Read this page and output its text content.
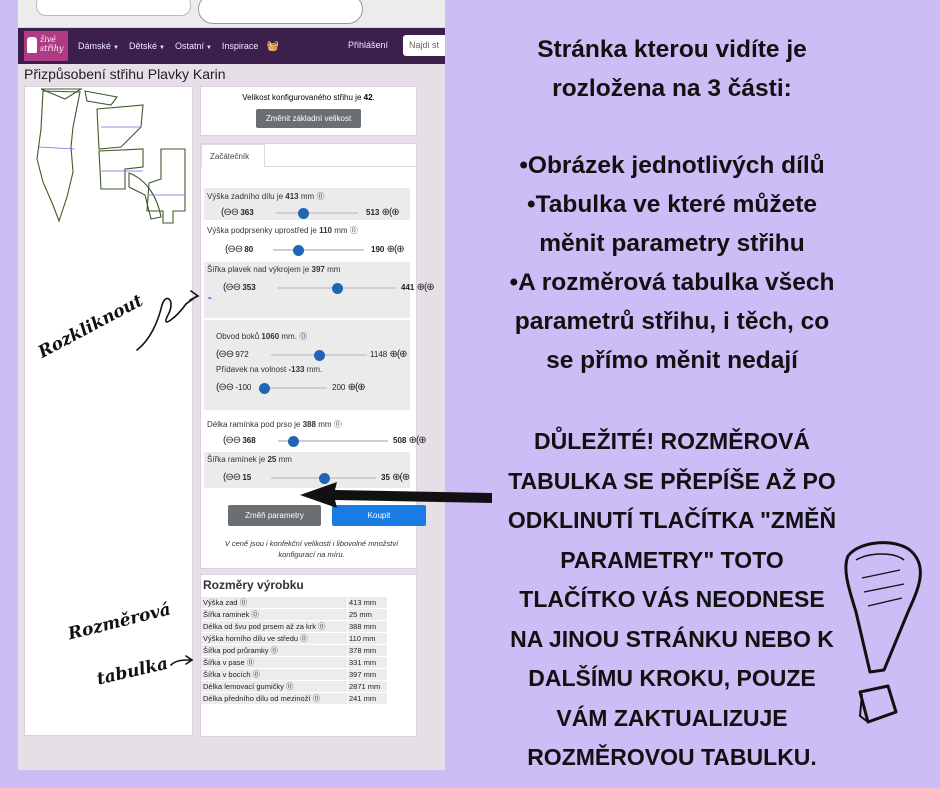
živé
střihy	Dámské ▼ Dětské ▼ Ostatní ▼ Inspirace 🧺	Přihlášení	Najdi st
Přizpůsobení střihu Plavky Karin
Velikost konfigurovaného střihu je 42.
Změnit základní velikost
Začátečník
Výška zadního dílu je 413 mm ⓪
(⊖⊖ 363	513 ⊕(⊕
Výška podprsenky uprostřed je 110 mm ⓪
(⊖⊖ 80	190 ⊕(⊕
Šířka plavek nad výkrojem je 397 mm
(⊖⊖ 353	441 ⊕(⊕
ˆ

Obvod boků 1060 mm. ⓪
(⊖⊖ 972	1148 ⊕(⊕
Přídavek na volnost -133 mm.
(⊖⊖ -100	200 ⊕(⊕
Délka ramínka pod prso je 388 mm ⓪
(⊖⊖ 368	508 ⊕(⊕
Šířka ramínek je 25 mm
(⊖⊖ 15	35 ⊕(⊕
Změň parametry	Koupit
V ceně jsou i konfekční velikosti i libovolné množství konfigurací na míru.
Rozměry výrobku
Výška zad ⓪	413 mm
Šířka raminek ⓪	25 mm
Délka od švu pod prsem až za krk ⓪	388 mm
Výška horního dílu ve středu ⓪	110 mm
Šířka pod průramky ⓪	378 mm
Šířka v pase ⓪	331 mm
Šířka v bocích ⓪	397 mm
Délka lemovací gumičky ⓪	2871 mm
Délka předního dílu od mezinoží ⓪	241 mm
Rozkliknout
Rozměrová
tabulka
Stránka kterou vidíte je
rozložena na 3 části:
•Obrázek jednotlivých dílů
•Tabulka ve které můžete
měnit parametry střihu
•A rozměrová tabulka všech
parametrů střihu, i těch, co
se přímo měnit nedají
DŮLEŽITÉ! ROZMĚROVÁ
TABULKA SE PŘEPÍŠE AŽ PO
ODKLINUTÍ TLAČÍTKA "ZMĚŇ
PARAMETRY" TOTO
TLAČÍTKO VÁS NEODNESE
NA JINOU STRÁNKU NEBO K
DALŠÍMU KROKU, POUZE
VÁM ZAKTUALIZUJE
ROZMĚROVOU TABULKU.
